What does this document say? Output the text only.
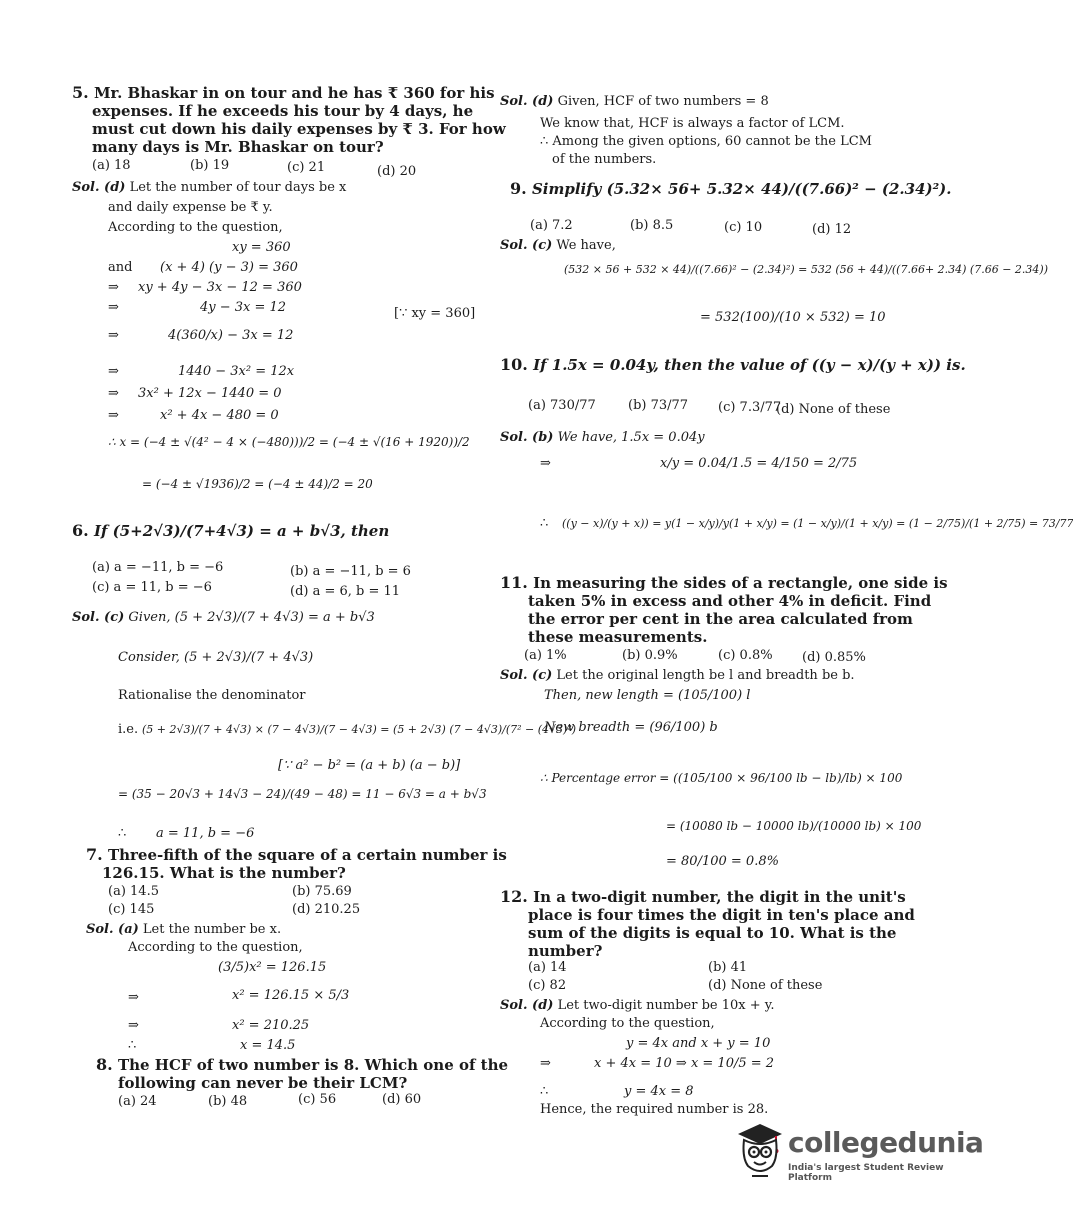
5. Mr. Bhaskar in on tour and he has ₹ 360 for his
expenses. If he exceeds his tour by 4 days, he
must cut down his daily expenses by ₹ 3. For how
many days is Mr. Bhaskar on tour?
(a) 18	(b) 19	(c) 21	(d) 20
Sol. (d) Let the number of tour days be x
and daily expense be ₹ y.
According to the question,
xy = 360
and (x + 4) (y − 3) = 360
⇒ xy + 4y − 3x − 12 = 360
⇒	4y − 3x = 12	[∵ xy = 360]
⇒	4(360/x) − 3x = 12
⇒	1440 − 3x² = 12x
⇒ 3x² + 12x − 1440 = 0
⇒	x² + 4x − 480 = 0
∴ x = (−4 ± √(4² − 4 × (−480)))/2 = (−4 ± √(16 + 1920))/2
= (−4 ± √1936)/2 = (−4 ± 44)/2 = 20
6. If (5+2√3)/(7+4√3) = a + b√3, then
(a) a = −11, b = −6	(b) a = −11, b = 6
(c) a = 11, b = −6	(d) a = 6, b = 11
Sol. (c) Given, (5 + 2√3)/(7 + 4√3) = a + b√3
Consider, (5 + 2√3)/(7 + 4√3)
Rationalise the denominator
i.e. (5 + 2√3)/(7 + 4√3) × (7 − 4√3)/(7 − 4√3) = (5 + 2√3) (7 − 4√3)/(7² − (4√3)²)
[∵ a² − b² = (a + b) (a − b)]
= (35 − 20√3 + 14√3 − 24)/(49 − 48) = 11 − 6√3 = a + b√3
∴ a = 11, b = −6
7. Three-fifth of the square of a certain number is
126.15. What is the number?
(a) 14.5	(b) 75.69
(c) 145	(d) 210.25
Sol. (a) Let the number be x.
According to the question,
(3/5)x² = 126.15
⇒	x² = 126.15 × 5/3
⇒	x² = 210.25
∴	x = 14.5
8. The HCF of two number is 8. Which one of the
following can never be their LCM?
(a) 24	(b) 48	(c) 56	(d) 60
Sol. (d) Given, HCF of two numbers = 8
We know that, HCF is always a factor of LCM.
∴ Among the given options, 60 cannot be the LCM
of the numbers.
9. Simplify (5.32× 56+ 5.32× 44)/((7.66)² − (2.34)²).
(a) 7.2	(b) 8.5	(c) 10	(d) 12
Sol. (c) We have,
(532 × 56 + 532 × 44)/((7.66)² − (2.34)²) = 532 (56 + 44)/((7.66+ 2.34) (7.66 − 2.34))
= 532(100)/(10 × 532) = 10
10. If 1.5x = 0.04y, then the value of ((y − x)/(y + x)) is.
(a) 730/77 (b) 73/77 (c) 7.3/77
(d) None of these
Sol. (b) We have, 1.5x = 0.04y
⇒	x/y = 0.04/1.5 = 4/150 = 2/75
∴ ((y − x)/(y + x)) = y(1 − x/y)/y(1 + x/y) = (1 − x/y)/(1 + x/y) = (1 − 2/75)/(1 + 2/75) = 73/77
11. In measuring the sides of a rectangle, one side is
taken 5% in excess and other 4% in deficit. Find
the error per cent in the area calculated from
these measurements.
(a) 1%	(b) 0.9%	(c) 0.8% (d) 0.85%
Sol. (c) Let the original length be l and breadth be b.
Then, new length = (105/100) l
New breadth = (96/100) b
∴ Percentage error = ((105/100 × 96/100 lb − lb)/lb) × 100
= (10080 lb − 10000 lb)/(10000 lb) × 100
= 80/100 = 0.8%
12. In a two-digit number, the digit in the unit's
place is four times the digit in ten's place and
sum of the digits is equal to 10. What is the
number?
(a) 14	(b) 41
(c) 82	(d) None of these
Sol. (d) Let two-digit number be 10x + y.
According to the question,
y = 4x and x + y = 10
⇒	x + 4x = 10 ⇒ x = 10/5 = 2
∴	y = 4x = 8
Hence, the required number is 28.
collegedunia
India's largest Student Review Platform
